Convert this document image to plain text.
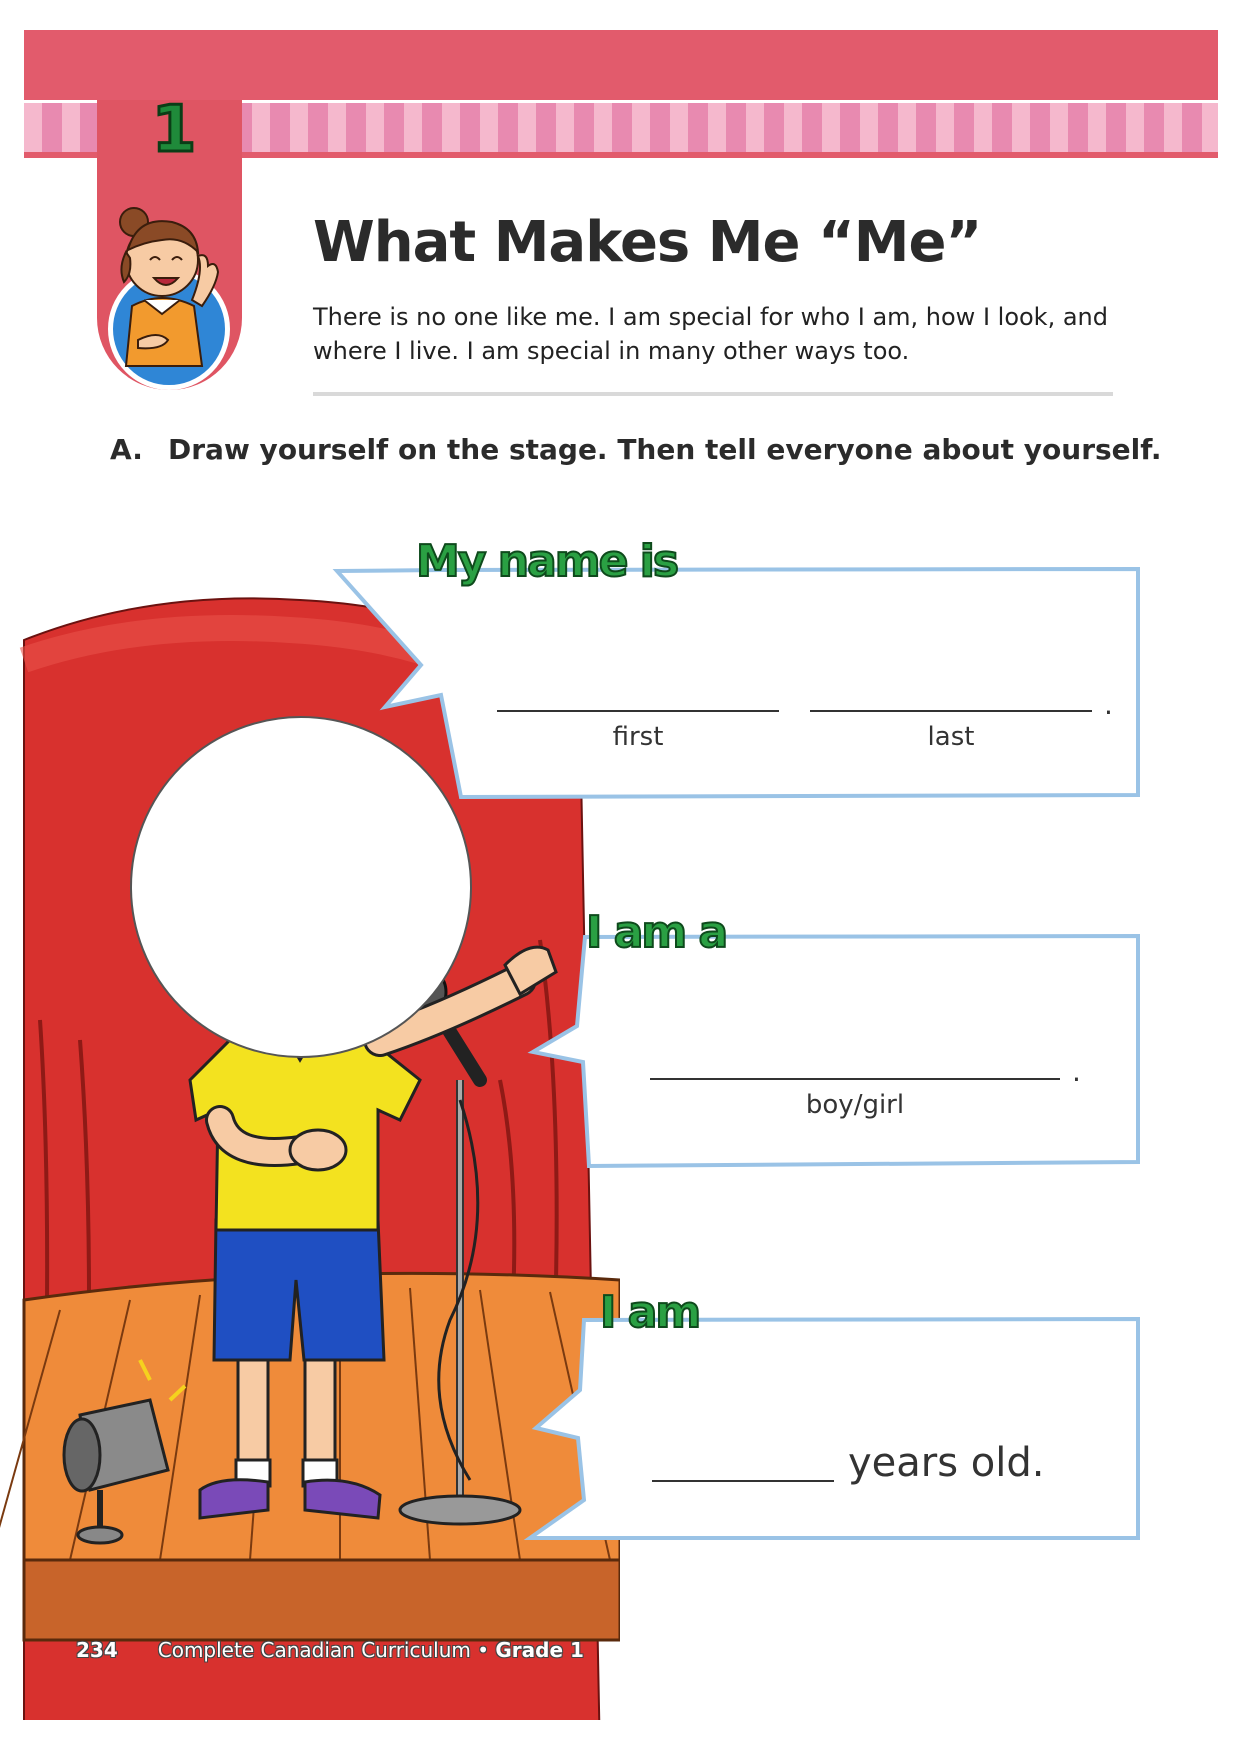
1
What Makes Me “Me”
There is no one like me. I am special for who I am, how I look, and
where I live. I am special in many other ways too.
A. Draw yourself on the stage. Then tell everyone about yourself.
My name is
first	last
.
I am a
boy/girl
.
I am
years old.
234 Complete Canadian Curriculum • Grade 1
